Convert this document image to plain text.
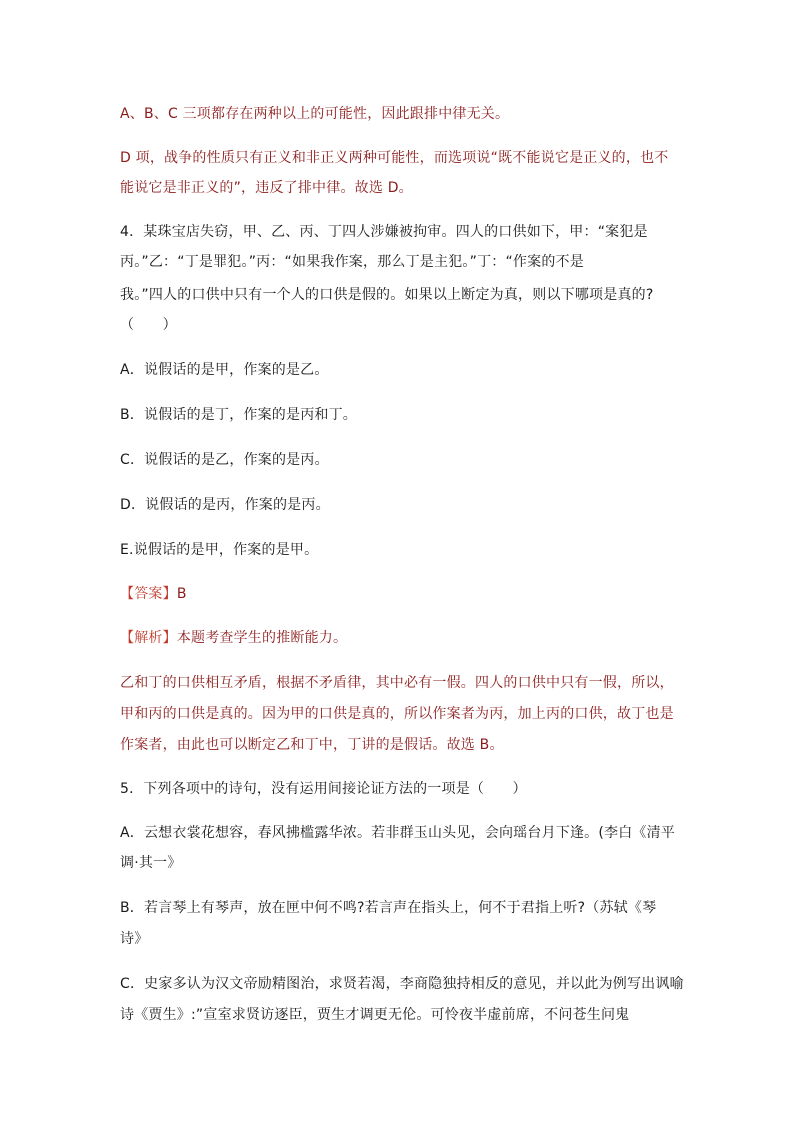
A、B、C 三项都存在两种以上的可能性，因此跟排中律无关。
D 项，战争的性质只有正义和非正义两种可能性，而选项说“既不能说它是正义的，也不
能说它是非正义的”，违反了排中律。故选 D。
4．某珠宝店失窃，甲、乙、丙、丁四人涉嫌被拘审。四人的口供如下，甲：“案犯是
丙。”乙：“丁是罪犯。”丙：“如果我作案，那么丁是主犯。”丁：“作案的不是
我。”四人的口供中只有一个人的口供是假的。如果以上断定为真，则以下哪项是真的?
（　　）
A．说假话的是甲，作案的是乙。
B．说假话的是丁，作案的是丙和丁。
C．说假话的是乙，作案的是丙。
D．说假话的是丙，作案的是丙。
E.说假话的是甲，作案的是甲。
【答案】B
【解析】本题考查学生的推断能力。
乙和丁的口供相互矛盾，根据不矛盾律，其中必有一假。四人的口供中只有一假，所以，
甲和丙的口供是真的。因为甲的口供是真的，所以作案者为丙，加上丙的口供，故丁也是
作案者，由此也可以断定乙和丁中，丁讲的是假话。故选 B。
5．下列各项中的诗句，没有运用间接论证方法的一项是（　　）
A．云想衣裳花想容，春风拂槛露华浓。若非群玉山头见，会向瑶台月下逢。(李白《清平
调·其一》
B．若言琴上有琴声，放在匣中何不鸣?若言声在指头上，何不于君指上听?（苏轼《琴
诗》
C．史家多认为汉文帝励精图治，求贤若渴，李商隐独持相反的意见，并以此为例写出讽喻
诗《贾生》:”宣室求贤访逐臣，贾生才调更无伦。可怜夜半虚前席，不问苍生问鬼
